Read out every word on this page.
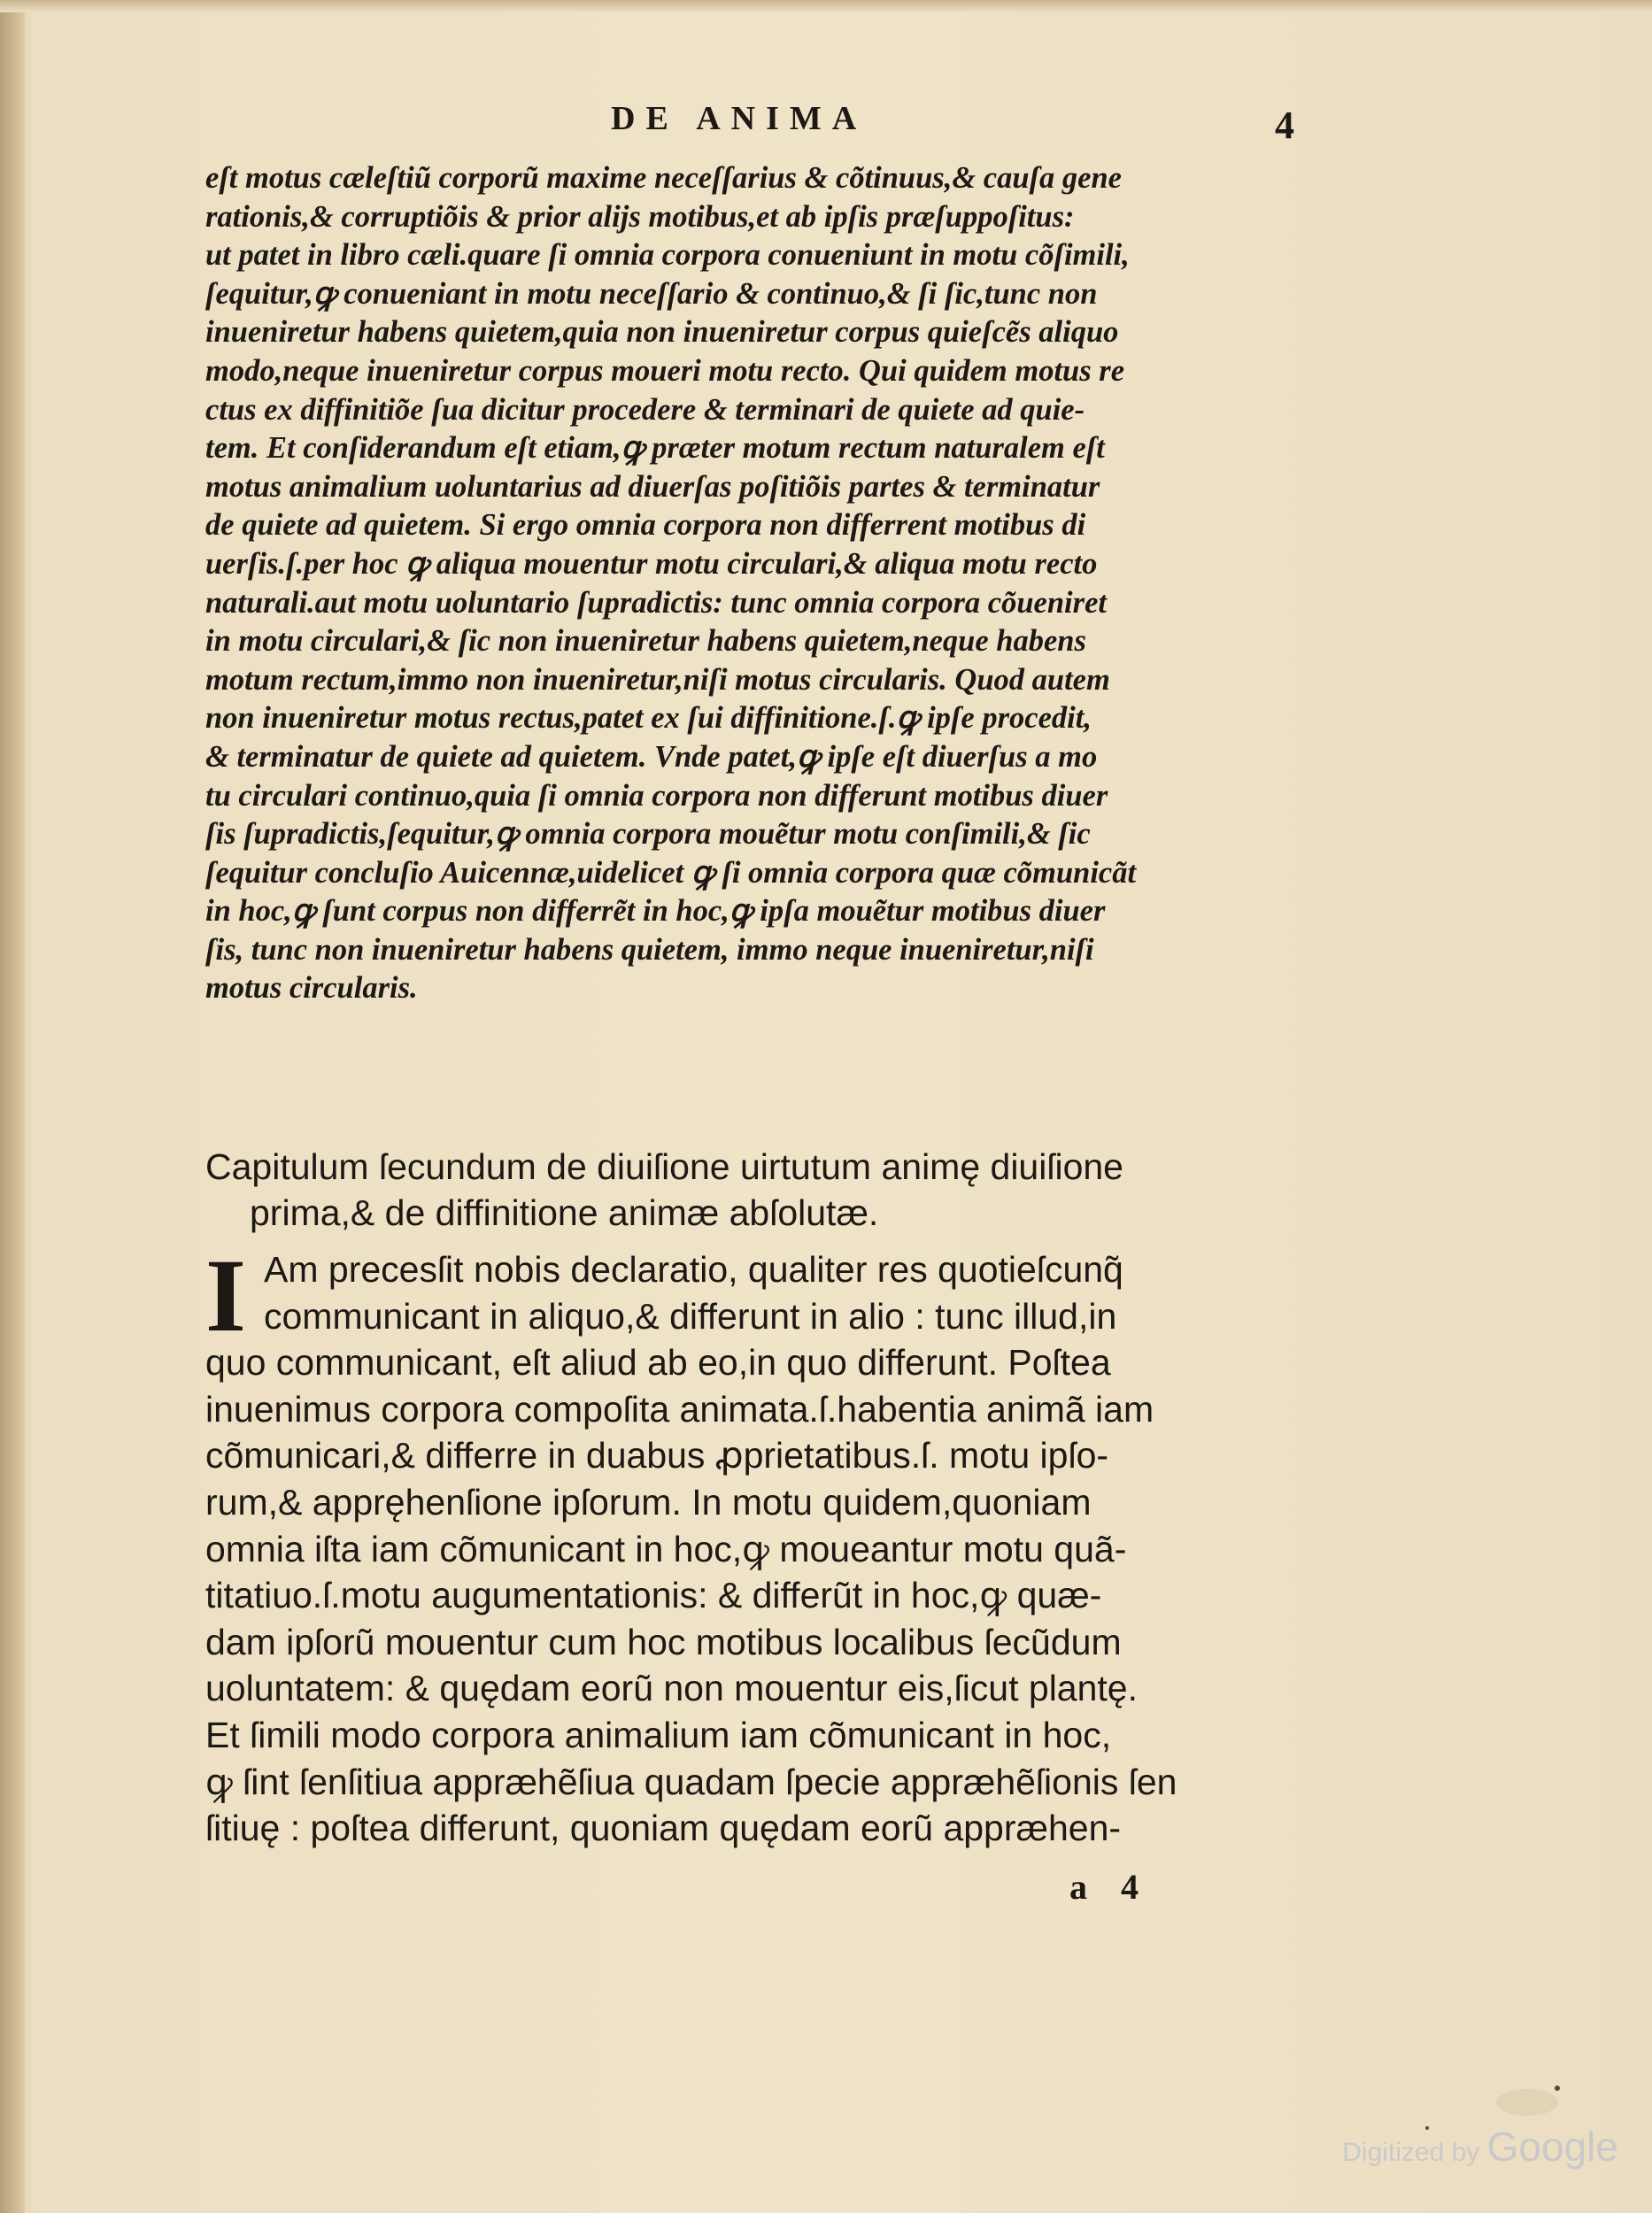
DE ANIMA	4
eſt motus cæleſtiũ corporũ maxime neceſſarius & cõtinuus,& cauſa gene
rationis,& corruptiõis & prior alijs motibus,et ab ipſis præſuppoſitus:
ut patet in libro cæli.quare ſi omnia corpora conueniunt in motu cõſimili,
ſequitur,ꝙ conueniant in motu neceſſario & continuo,& ſi ſic,tunc non
inueniretur habens quietem,quia non inueniretur corpus quieſcẽs aliquo
modo,neque inueniretur corpus moueri motu recto. Qui quidem motus re
ctus ex diffinitiõe ſua dicitur procedere & terminari de quiete ad quie-
tem. Et conſiderandum eſt etiam,ꝙ præter motum rectum naturalem eſt
motus animalium uoluntarius ad diuerſas poſitiõis partes & terminatur
de quiete ad quietem. Si ergo omnia corpora non differrent motibus di
uerſis.ſ.per hoc ꝙ aliqua mouentur motu circulari,& aliqua motu recto
naturali.aut motu uoluntario ſupradictis: tunc omnia corpora cõueniret
in motu circulari,& ſic non inueniretur habens quietem,neque habens
motum rectum,immo non inueniretur,niſi motus circularis. Quod autem
non inueniretur motus rectus,patet ex ſui diffinitione.ſ.ꝙ ipſe procedit,
& terminatur de quiete ad quietem. Vnde patet,ꝙ ipſe eſt diuerſus a mo
tu circulari continuo,quia ſi omnia corpora non differunt motibus diuer
ſis ſupradictis,ſequitur,ꝙ omnia corpora mouẽtur motu conſimili,& ſic
ſequitur concluſio Auicennæ,uidelicet ꝙ ſi omnia corpora quæ cõmunicãt
in hoc,ꝙ ſunt corpus non differrẽt in hoc,ꝙ ipſa mouẽtur motibus diuer
ſis, tunc non inueniretur habens quietem, immo neque inueniretur,niſi
motus circularis.
Capitulum ſecundum de diuiſione uirtutum animę diuiſione
prima,& de diffinitione animæ abſolutæ.
I Am precesſit nobis declaratio, qualiter res quotieſcunq̃
communicant in aliquo,& differunt in alio : tunc illud,in
quo communicant, eſt aliud ab eo,in quo differunt. Poſtea
inuenimus corpora compoſita animata.ſ.habentia animã iam
cõmunicari,& differre in duabus ꝓprietatibus.ſ. motu ipſo-
rum,& appręhenſione ipſorum. In motu quidem,quoniam
omnia iſta iam cõmunicant in hoc,ꝙ moueantur motu quã-
titatiuo.ſ.motu augumentationis: & differũt in hoc,ꝙ quæ-
dam ipſorũ mouentur cum hoc motibus localibus ſecũdum
uoluntatem: & quędam eorũ non mouentur eis,ſicut plantę.
Et ſimili modo corpora animalium iam cõmunicant in hoc,
ꝙ ſint ſenſitiua appræhẽſiua quadam ſpecie appræhẽſionis ſen
ſitiuę : poſtea differunt, quoniam quędam eorũ appræhen-
a 4
Digitized by Google
